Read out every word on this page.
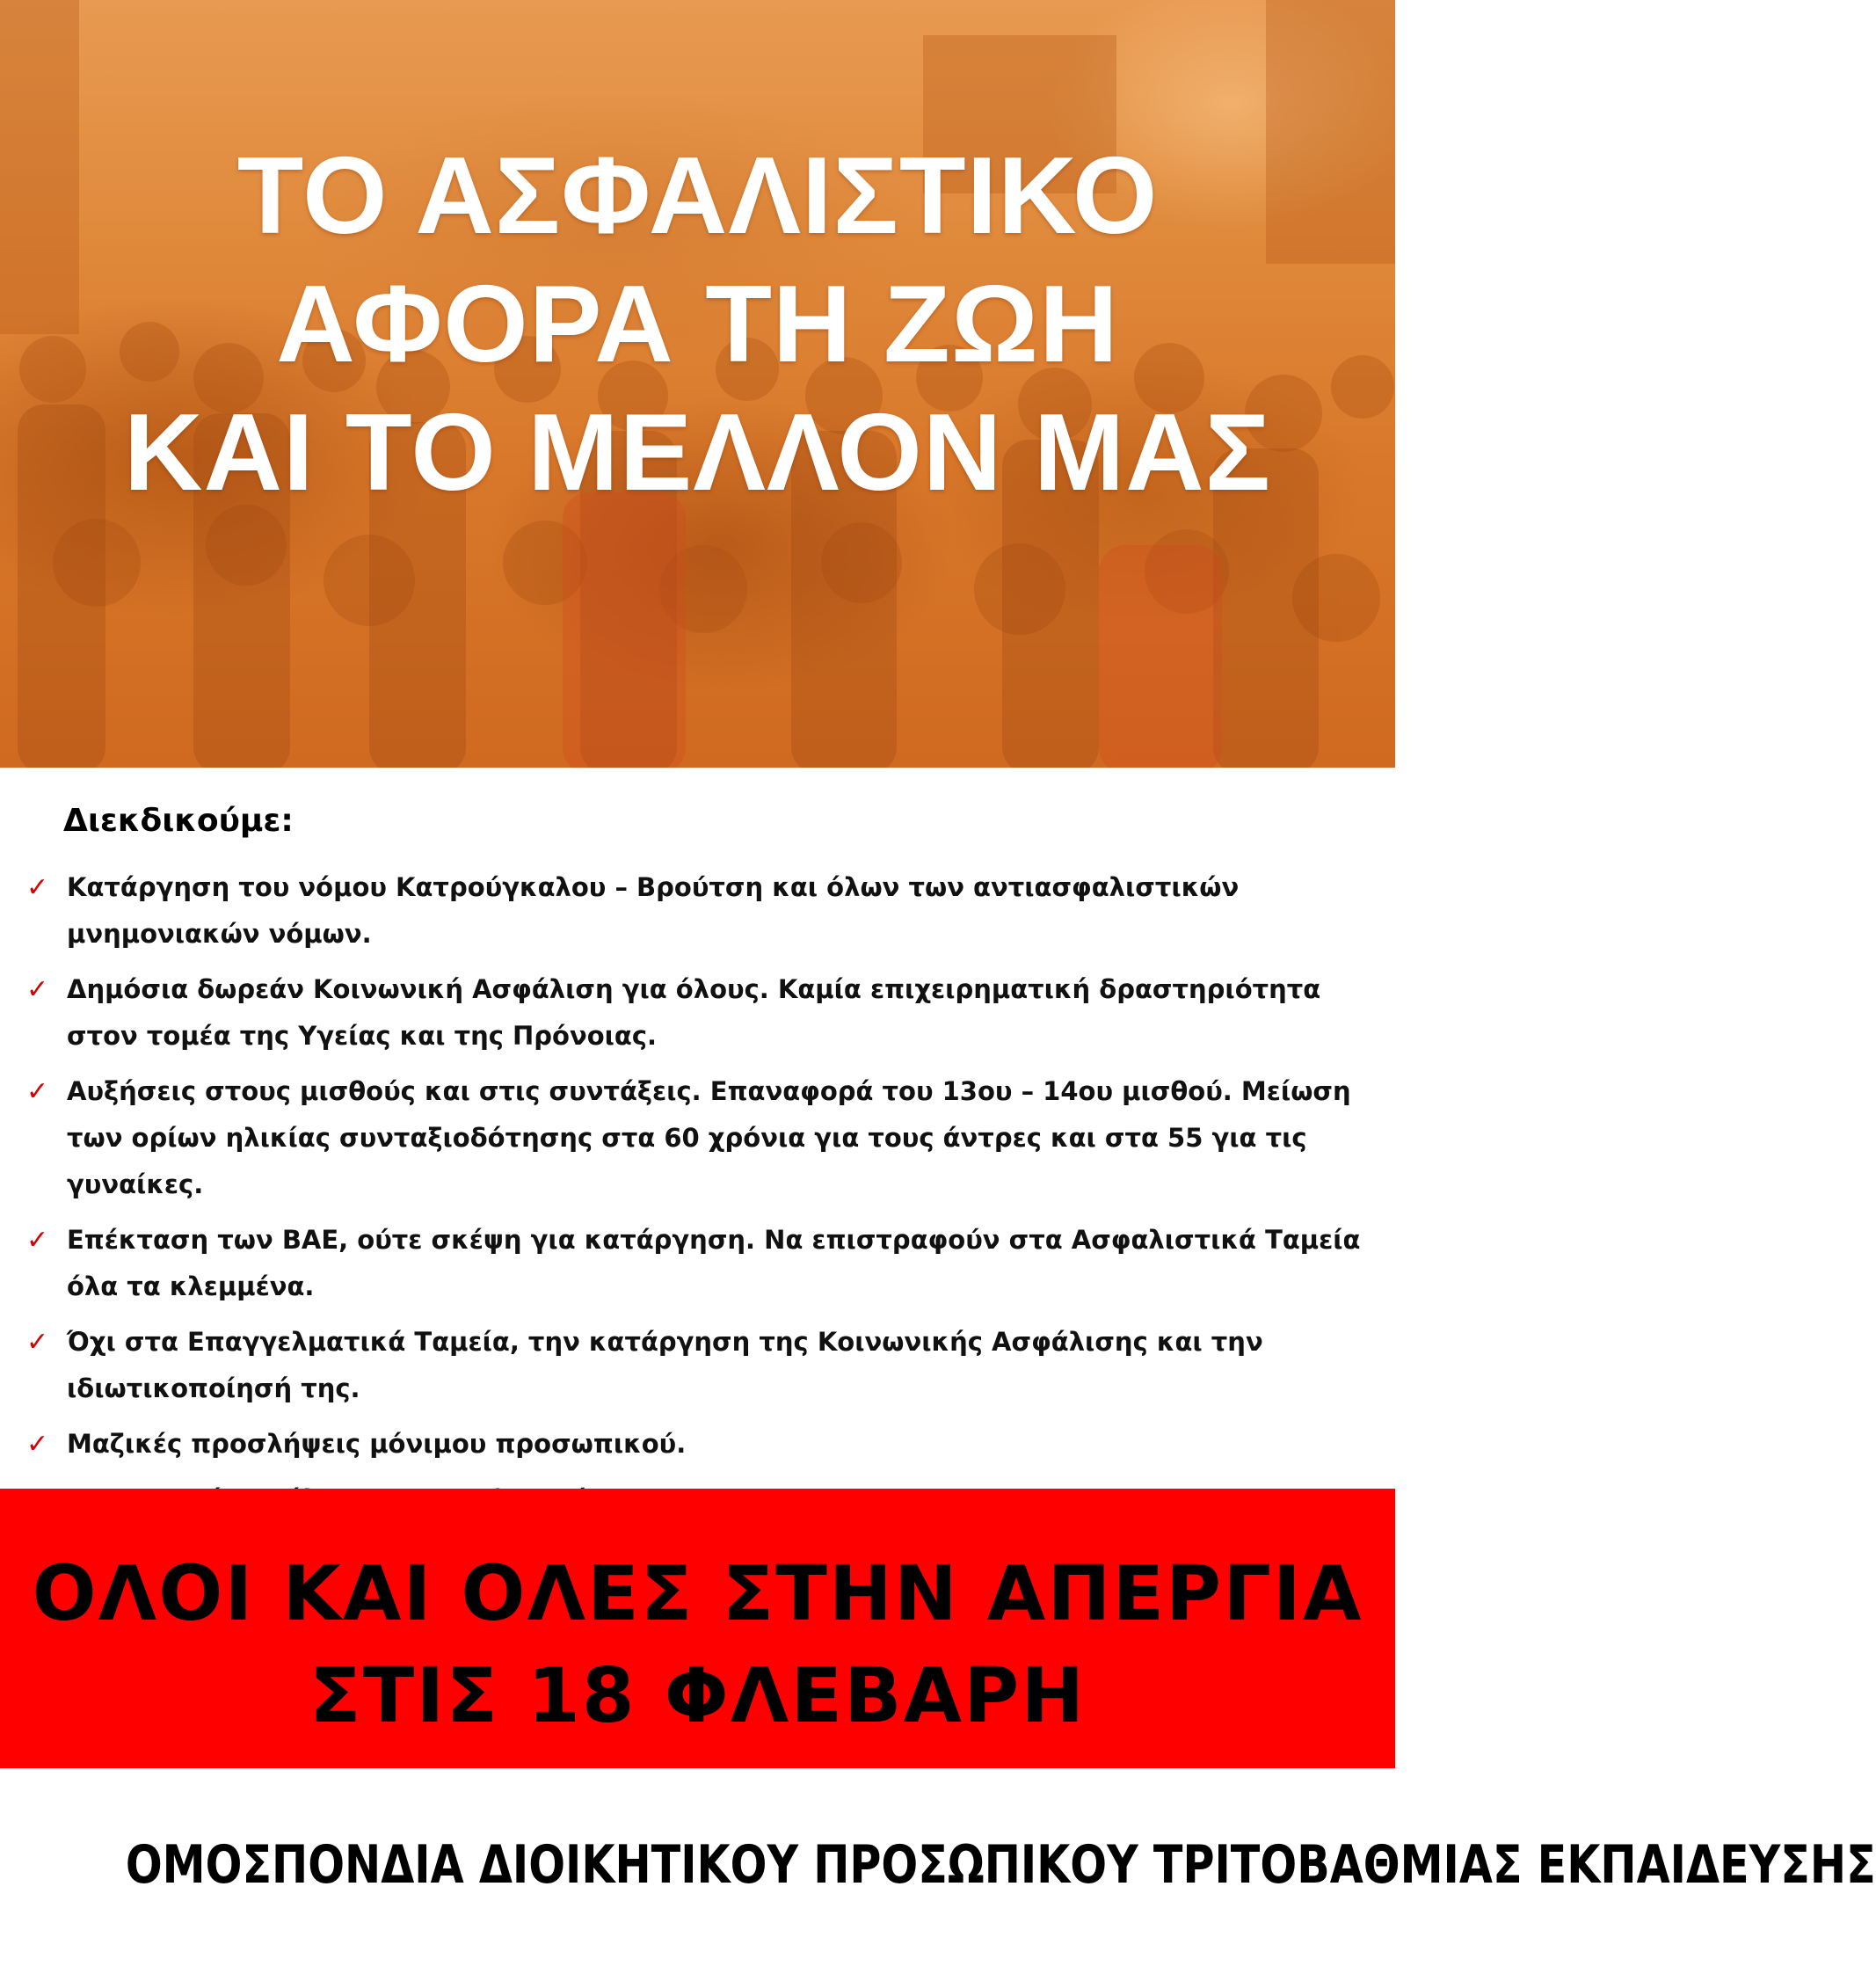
ΤΟ ΑΣΦΑΛΙΣΤΙΚΟ
ΑΦΟΡΑ ΤΗ ΖΩΗ
ΚΑΙ ΤΟ ΜΕΛΛΟΝ ΜΑΣ
Διεκδικούμε:
✓ Κατάργηση του νόμου Κατρούγκαλου – Βρούτση και όλων των αντιασφαλιστικών μνημονιακών νόμων.
✓ Δημόσια δωρεάν Κοινωνική Ασφάλιση για όλους. Καμία επιχειρηματική δραστηριότητα στον τομέα της Υγείας και της Πρόνοιας.
✓ Αυξήσεις στους μισθούς και στις συντάξεις. Επαναφορά του 13ου – 14ου μισθού. Μείωση των ορίων ηλικίας συνταξιοδότησης στα 60 χρόνια για τους άντρες και στα 55 για τις γυναίκες.
✓ Επέκταση των ΒΑΕ, ούτε σκέψη για κατάργηση. Να επιστραφούν στα Ασφαλιστικά Ταμεία όλα τα κλεμμένα.
✓ Όχι στα Επαγγελματικά Ταμεία, την κατάργηση της Κοινωνικής Ασφάλισης και την ιδιωτικοποίησή της.
✓ Μαζικές προσλήψεις μόνιμου προσωπικού.

ΟΛΟΙ ΚΑΙ ΟΛΕΣ ΣΤΗΝ ΑΠΕΡΓΙΑ
ΣΤΙΣ 18 ΦΛΕΒΑΡΗ

ΟΜΟΣΠΟΝΔΙΑ ΔΙΟΙΚΗΤΙΚΟΥ ΠΡΟΣΩΠΙΚΟΥ ΤΡΙΤΟΒΑΘΜΙΑΣ ΕΚΠΑΙΔΕΥΣΗΣ
